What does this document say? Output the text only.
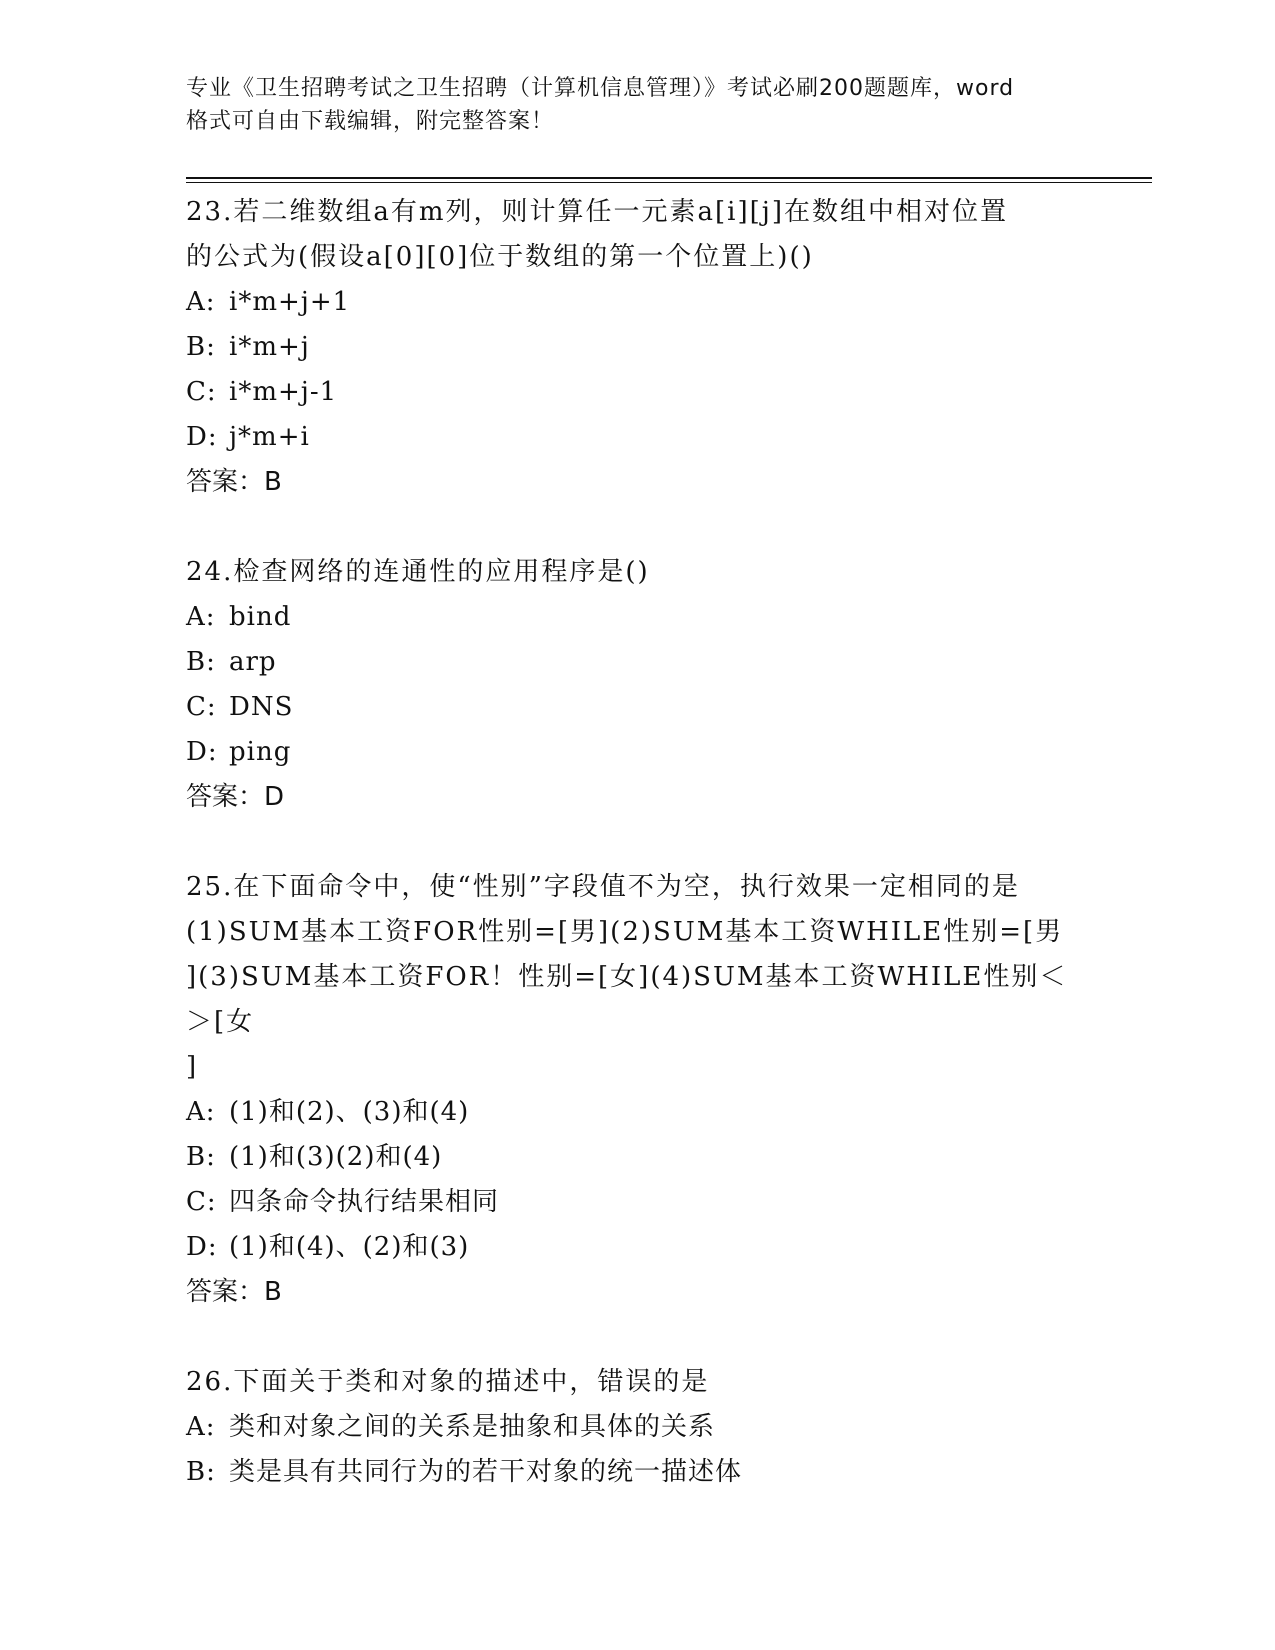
专业《卫生招聘考试之卫生招聘（计算机信息管理）》考试必刷200题题库，word
格式可自由下载编辑，附完整答案！
23.若二维数组a有m列，则计算任一元素a[i][j]在数组中相对位置
的公式为(假设a[0][0]位于数组的第一个位置上)()
A: i*m+j+1
B: i*m+j
C: i*m+j-1
D: j*m+i
答案：B
24.检查网络的连通性的应用程序是()
A: bind
B: arp
C: DNS
D: ping
答案：D
25.在下面命令中，使“性别”字段值不为空，执行效果一定相同的是
(1)SUM基本工资FOR性别=[男](2)SUM基本工资WHILE性别=[男
](3)SUM基本工资FOR！性别=[女](4)SUM基本工资WHILE性别＜＞[女
]
A: (1)和(2)、(3)和(4)
B: (1)和(3)(2)和(4)
C: 四条命令执行结果相同
D: (1)和(4)、(2)和(3)
答案：B
26.下面关于类和对象的描述中，错误的是
A: 类和对象之间的关系是抽象和具体的关系
B: 类是具有共同行为的若干对象的统一描述体
